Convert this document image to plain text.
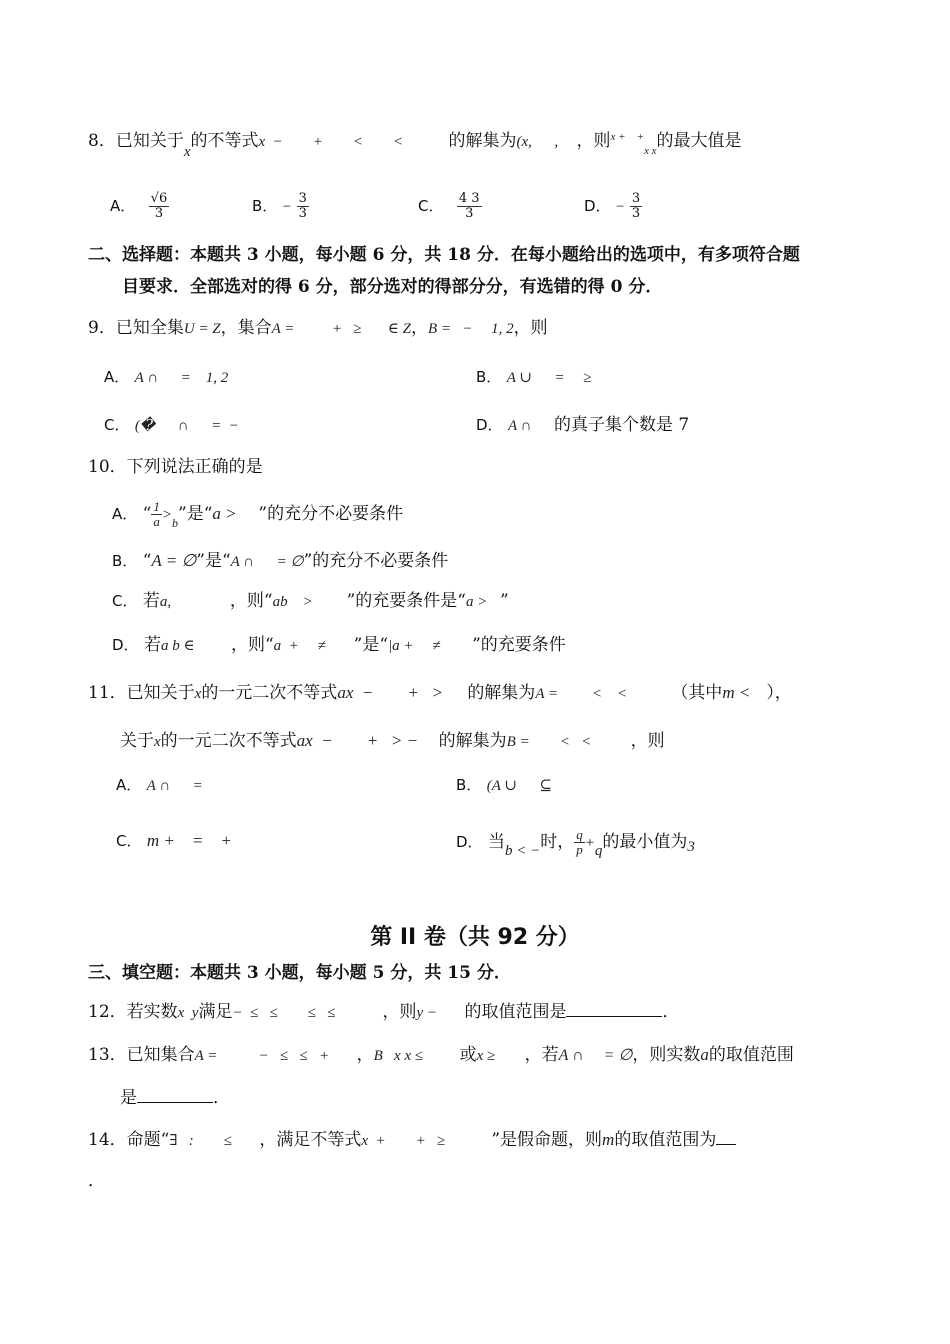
8．已知关于x的不等式x  −        +        <        <	的解集为(x,      , ，则$^{x + +}_{x x}$的最大值是
A． $\frac{√6}{3}$	B． − $\frac{3}{3}$	C． $\frac{4 3}{3}$	D． − $\frac{3}{3}$
二、选择题：本题共 3 小题，每小题 6 分，共 18 分．在每小题给出的选项中，有多项符合题
目要求．全部选对的得 6 分，部分选对的得部分分，有选错的得 0 分．
9．已知全集U = Z，集合A =          +   ≥       ∈ Z，B =   −     1, 2，则
A． A ∩      =    1, 2	B． A ∪      =     ≥
C． (�      ∩      =  −	D． A ∩ 的真子集个数是 7
10．下列说法正确的是
A． “ $\frac{1}{a} >_b$”是“a > ”的充分不必要条件
B． “A = ∅”是“A ∩      = ∅”的充分不必要条件
C． 若a,	，则“ab    > ”的充要条件是“a > ”
D． 若a b ∈ ，则“a  +     ≠ ”是“|a +     ≠ ”的充要条件
11．已知关于x的一元二次不等式ax  −        +   > 的解集为A =         <    <	（其中m < ），
关于x的一元二次不等式ax  −        +   > − 的解集为B =        <   < ，则
A． A ∩      =	B． (A ∪      ⊆
C． m +    =    +	D． 当b < −时， $\frac{q}{p} +q$的最小值为3
第 II 卷（共 92 分）
三、填空题：本题共 3 小题，每小题 5 分，共 15 分．
12．若实数x  y满足−  ≤   ≤        ≤   ≤	，则y − 的取值范围是	．
13．已知集合A =           −   ≤   ≤   + ，B   x x ≤ 或x ≥ ，若A ∩     = ∅，则实数a的取值范围
是	．
14．命题“∃   :        ≤ ，满足不等式x  +        +   ≥	”是假命题，则m的取值范围为
．
